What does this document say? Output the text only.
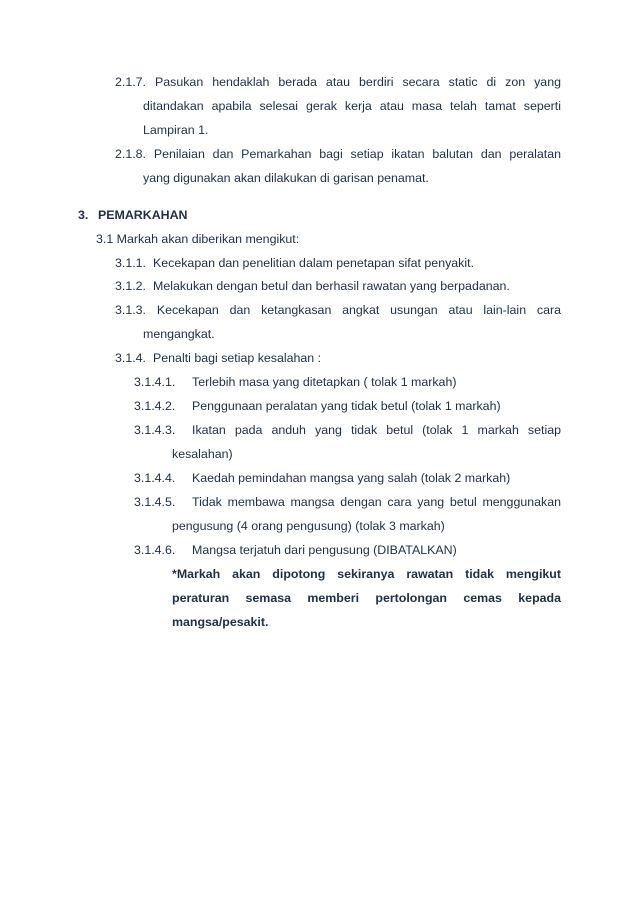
2.1.7. Pasukan hendaklah berada atau berdiri secara static di zon yang
ditandakan apabila selesai gerak kerja atau masa telah tamat seperti
Lampiran 1.
2.1.8. Penilaian dan Pemarkahan bagi setiap ikatan balutan dan peralatan
yang digunakan akan dilakukan di garisan penamat.
3. PEMARKAHAN
3.1 Markah akan diberikan mengikut:
3.1.1. Kecekapan dan penelitian dalam penetapan sifat penyakit.
3.1.2. Melakukan dengan betul dan berhasil rawatan yang berpadanan.
3.1.3. Kecekapan dan ketangkasan angkat usungan atau lain-lain cara
mengangkat.
3.1.4. Penalti bagi setiap kesalahan :
3.1.4.1. Terlebih masa yang ditetapkan ( tolak 1 markah)
3.1.4.2. Penggunaan peralatan yang tidak betul (tolak 1 markah)
3.1.4.3. Ikatan pada anduh yang tidak betul (tolak 1 markah setiap
kesalahan)
3.1.4.4. Kaedah pemindahan mangsa yang salah (tolak 2 markah)
3.1.4.5. Tidak membawa mangsa dengan cara yang betul menggunakan
pengusung (4 orang pengusung) (tolak 3 markah)
3.1.4.6. Mangsa terjatuh dari pengusung (DIBATALKAN)
*Markah akan dipotong sekiranya rawatan tidak mengikut
peraturan semasa memberi pertolongan cemas kepada
mangsa/pesakit.
